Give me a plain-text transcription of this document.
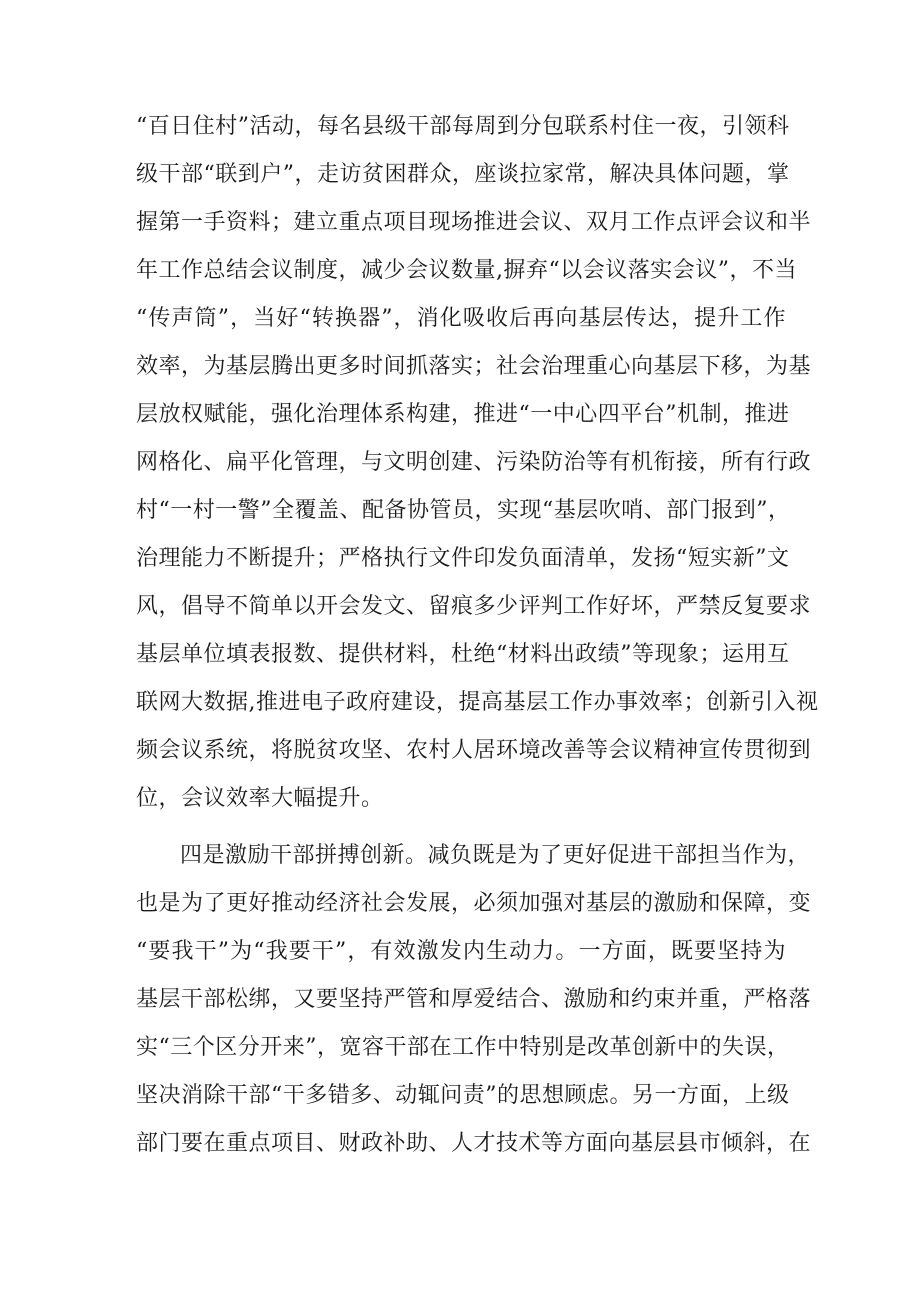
“百日住村”活动，每名县级干部每周到分包联系村住一夜，引领科
级干部“联到户”，走访贫困群众，座谈拉家常，解决具体问题，掌
握第一手资料；建立重点项目现场推进会议、双月工作点评会议和半
年工作总结会议制度，减少会议数量,摒弃“以会议落实会议”，不当
“传声筒”，当好“转换器”，消化吸收后再向基层传达，提升工作
效率，为基层腾出更多时间抓落实；社会治理重心向基层下移，为基
层放权赋能，强化治理体系构建，推进“一中心四平台”机制，推进
网格化、扁平化管理，与文明创建、污染防治等有机衔接，所有行政
村“一村一警”全覆盖、配备协管员，实现“基层吹哨、部门报到”，
治理能力不断提升；严格执行文件印发负面清单，发扬“短实新”文
风，倡导不简单以开会发文、留痕多少评判工作好坏，严禁反复要求
基层单位填表报数、提供材料，杜绝“材料出政绩”等现象；运用互
联网大数据,推进电子政府建设，提高基层工作办事效率；创新引入视
频会议系统，将脱贫攻坚、农村人居环境改善等会议精神宣传贯彻到
位，会议效率大幅提升。
四是激励干部拼搏创新。减负既是为了更好促进干部担当作为，
也是为了更好推动经济社会发展，必须加强对基层的激励和保障，变
“要我干”为“我要干”，有效激发内生动力。一方面，既要坚持为
基层干部松绑，又要坚持严管和厚爱结合、激励和约束并重，严格落
实“三个区分开来”，宽容干部在工作中特别是改革创新中的失误，
坚决消除干部“干多错多、动辄问责”的思想顾虑。另一方面，上级
部门要在重点项目、财政补助、人才技术等方面向基层县市倾斜，在
